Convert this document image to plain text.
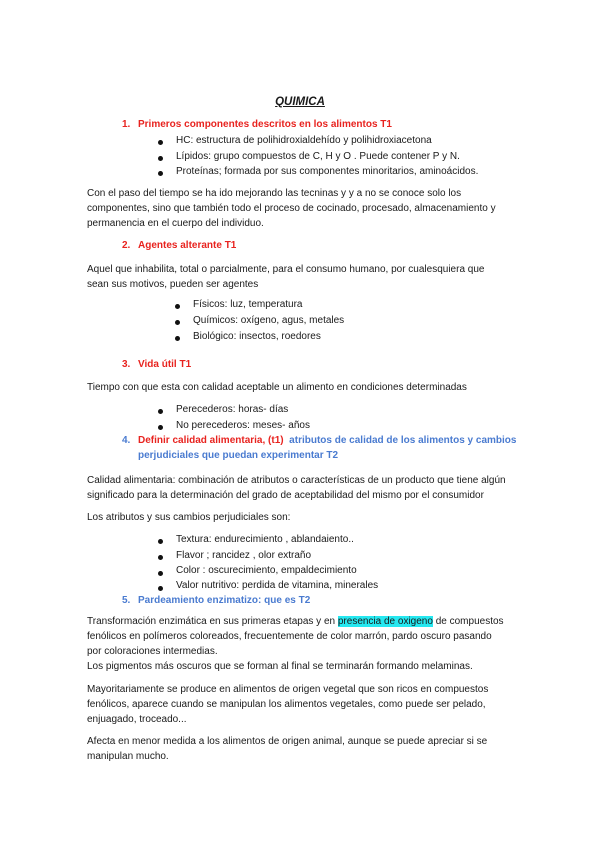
QUIMICA
1. Primeros componentes descritos en los alimentos T1
HC: estructura de polihidroxialdehído y polihidroxiacetona
Lípidos: grupo compuestos de C, H y O . Puede contener P y N.
Proteínas; formada por sus componentes minoritarios, aminoácidos.
Con el paso del tiempo se ha ido mejorando las tecninas y y a no se conoce solo los
componentes, sino que también todo el proceso de cocinado, procesado, almacenamiento y
permanencia en el cuerpo del individuo.
2. Agentes alterante T1
Aquel que inhabilita, total o parcialmente, para el consumo humano, por cualesquiera que
sean sus motivos, pueden ser agentes
Físicos: luz, temperatura
Químicos: oxígeno, agus, metales
Biológico: insectos, roedores
3. Vida útil T1
Tiempo con que esta con calidad aceptable un alimento en condiciones determinadas
Perecederos: horas- días
No perecederos: meses- años
4. Definir calidad alimentaria, (t1) atributos de calidad de los alimentos y cambios
perjudiciales que puedan experimentar T2
Calidad alimentaria: combinación de atributos o características de un producto que tiene algún
significado para la determinación del grado de aceptabilidad del mismo por el consumidor
Los atributos y sus cambios perjudiciales son:
Textura: endurecimiento , ablandaiento..
Flavor ; rancidez , olor extraño
Color : oscurecimiento, empaldecimiento
Valor nutritivo: perdida de vitamina, minerales
5. Pardeamiento enzimatizo: que es T2
Transformación enzimática en sus primeras etapas y en presencia de oxigeno de compuestos
fenólicos en polímeros coloreados, frecuentemente de color marrón, pardo oscuro pasando
por coloraciones intermedias.
Los pigmentos más oscuros que se forman al final se terminarán formando melaminas.
Mayoritariamente se produce en alimentos de origen vegetal que son ricos en compuestos
fenólicos, aparece cuando se manipulan los alimentos vegetales, como puede ser pelado,
enjuagado, troceado...
Afecta en menor medida a los alimentos de origen animal, aunque se puede apreciar si se
manipulan mucho.
